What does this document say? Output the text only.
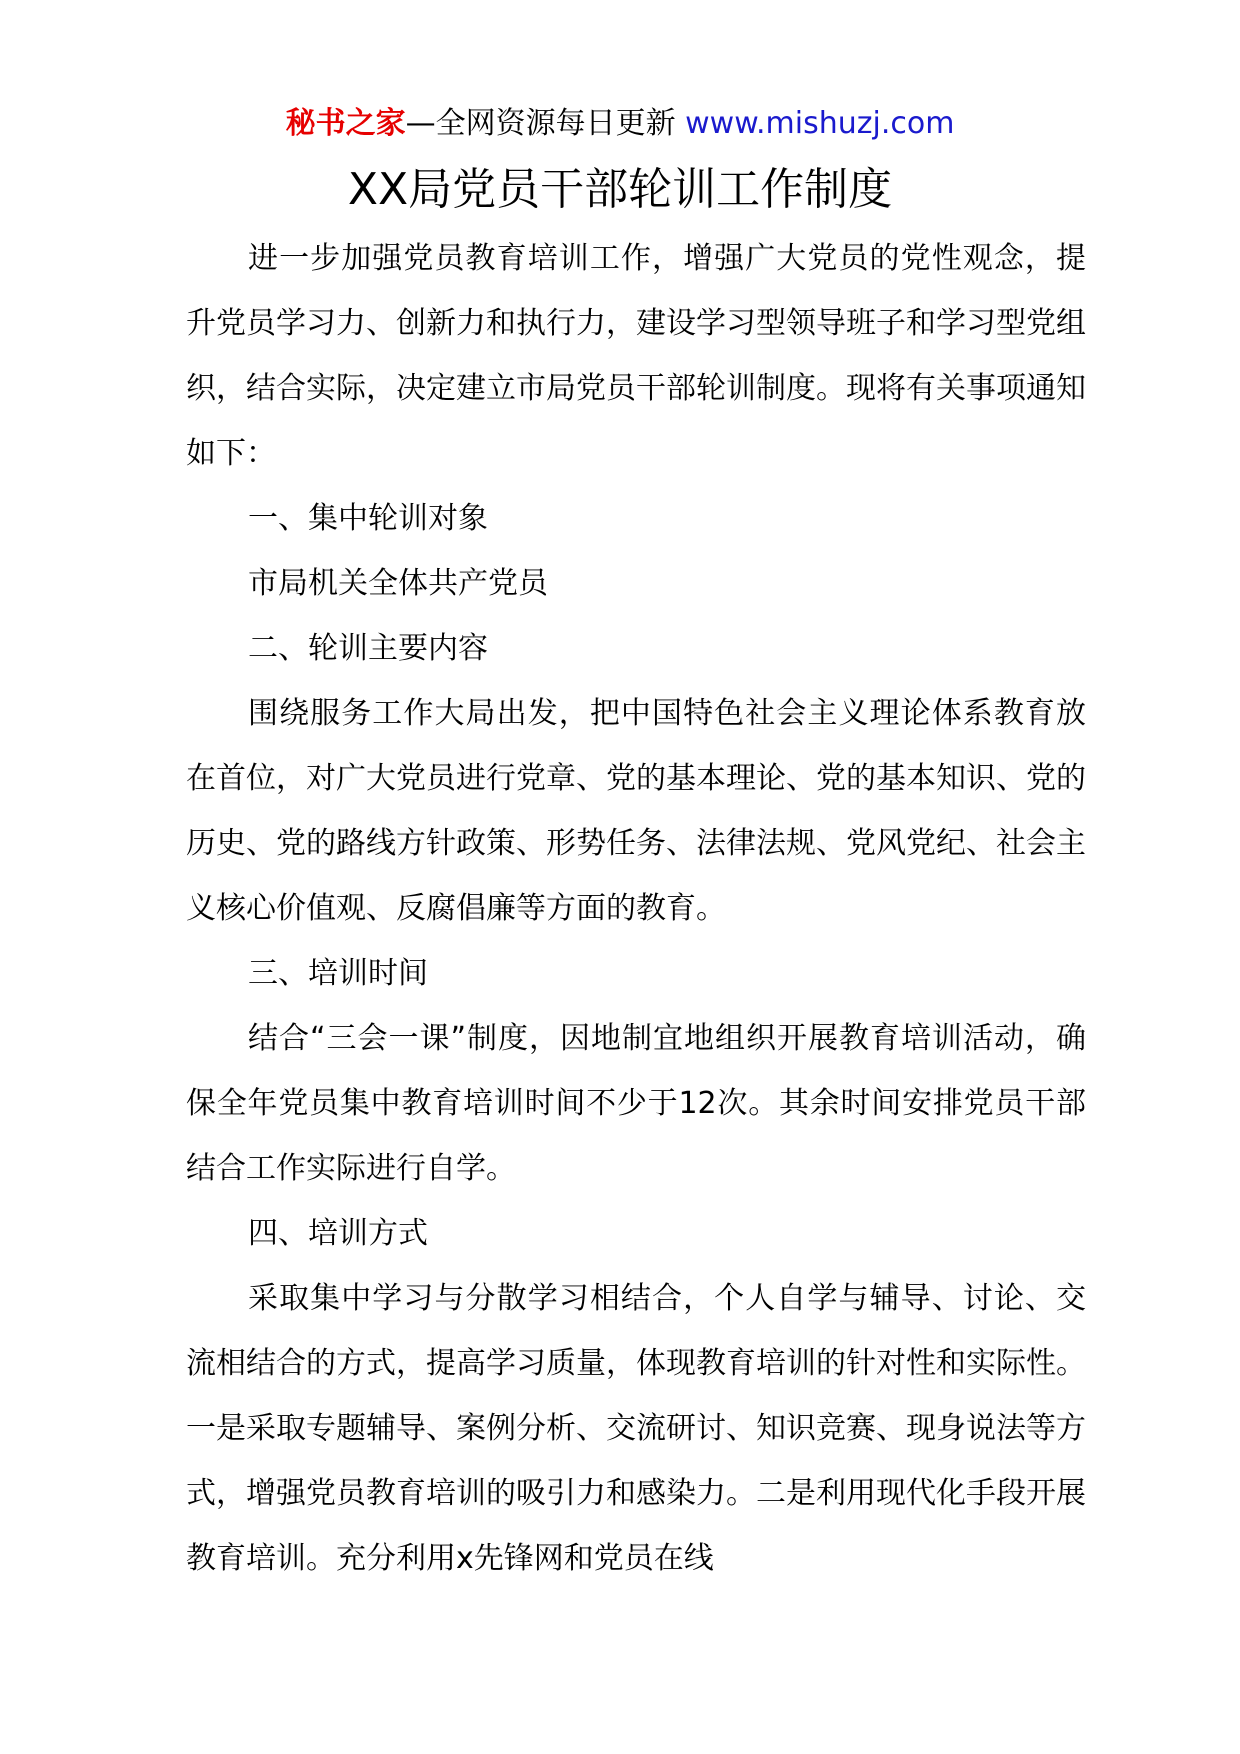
秘书之家—全网资源每日更新 www.mishuzj.com
XX局党员干部轮训工作制度

进一步加强党员教育培训工作，增强广大党员的党性观念，提升党员学习力、创新力和执行力，建设学习型领导班子和学习型党组织，结合实际，决定建立市局党员干部轮训制度。现将有关事项通知如下：

一、集中轮训对象

市局机关全体共产党员

二、轮训主要内容

围绕服务工作大局出发，把中国特色社会主义理论体系教育放在首位，对广大党员进行党章、党的基本理论、党的基本知识、党的历史、党的路线方针政策、形势任务、法律法规、党风党纪、社会主义核心价值观、反腐倡廉等方面的教育。

三、培训时间

结合“三会一课”制度，因地制宜地组织开展教育培训活动，确保全年党员集中教育培训时间不少于12次。其余时间安排党员干部结合工作实际进行自学。

四、培训方式

采取集中学习与分散学习相结合，个人自学与辅导、讨论、交流相结合的方式，提高学习质量，体现教育培训的针对性和实际性。一是采取专题辅导、案例分析、交流研讨、知识竞赛、现身说法等方式，增强党员教育培训的吸引力和感染力。二是利用现代化手段开展教育培训。充分利用x先锋网和党员在线
